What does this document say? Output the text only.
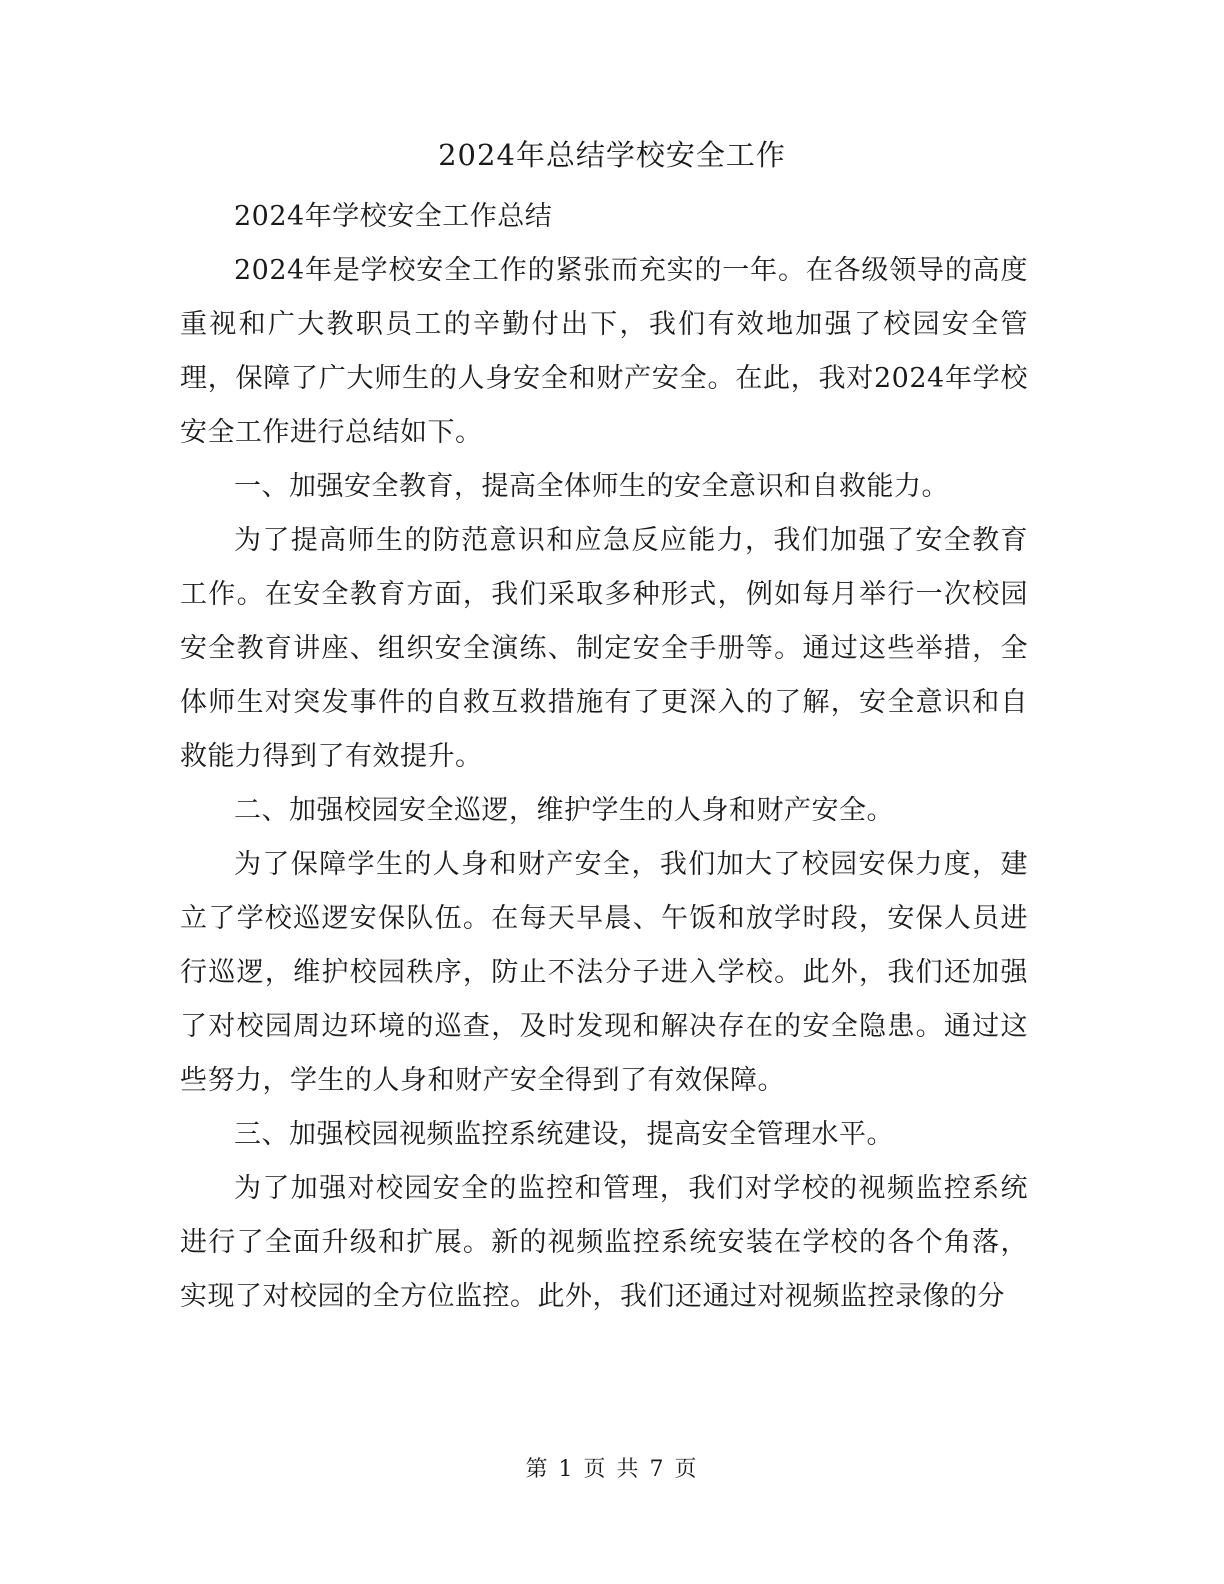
2024年总结学校安全工作

2024年学校安全工作总结

2024年是学校安全工作的紧张而充实的一年。在各级领导的高度重视和广大教职员工的辛勤付出下，我们有效地加强了校园安全管理，保障了广大师生的人身安全和财产安全。在此，我对2024年学校安全工作进行总结如下。

一、加强安全教育，提高全体师生的安全意识和自救能力。

为了提高师生的防范意识和应急反应能力，我们加强了安全教育工作。在安全教育方面，我们采取多种形式，例如每月举行一次校园安全教育讲座、组织安全演练、制定安全手册等。通过这些举措，全体师生对突发事件的自救互救措施有了更深入的了解，安全意识和自救能力得到了有效提升。

二、加强校园安全巡逻，维护学生的人身和财产安全。

为了保障学生的人身和财产安全，我们加大了校园安保力度，建立了学校巡逻安保队伍。在每天早晨、午饭和放学时段，安保人员进行巡逻，维护校园秩序，防止不法分子进入学校。此外，我们还加强了对校园周边环境的巡查，及时发现和解决存在的安全隐患。通过这些努力，学生的人身和财产安全得到了有效保障。

三、加强校园视频监控系统建设，提高安全管理水平。

为了加强对校园安全的监控和管理，我们对学校的视频监控系统进行了全面升级和扩展。新的视频监控系统安装在学校的各个角落，实现了对校园的全方位监控。此外，我们还通过对视频监控录像的分

第 1 页 共 7 页
